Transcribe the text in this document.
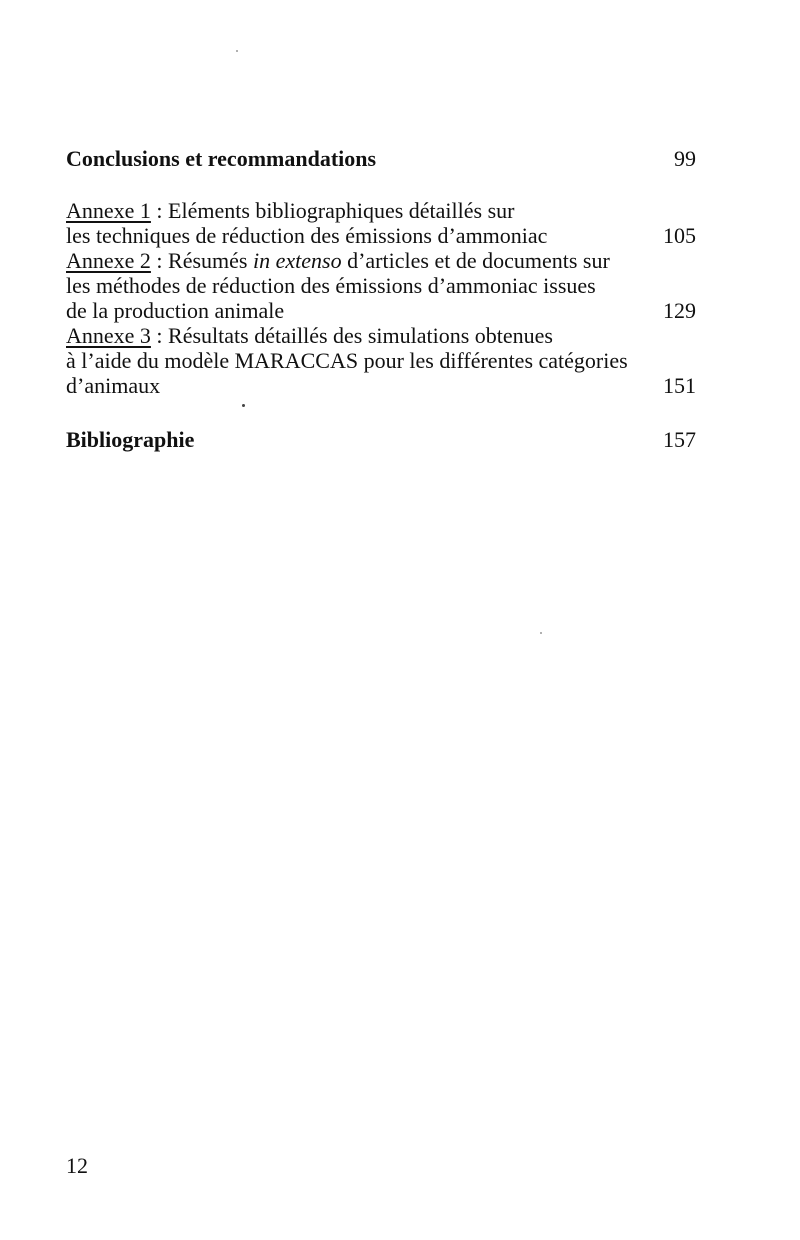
Conclusions et recommandations	99
Annexe 1 : Eléments bibliographiques détaillés sur
les techniques de réduction des émissions d’ammoniac	105
Annexe 2 : Résumés in extenso d’articles et de documents sur
les méthodes de réduction des émissions d’ammoniac issues
de la production animale	129
Annexe 3 : Résultats détaillés des simulations obtenues
à l’aide du modèle MARACCAS pour les différentes catégories
d’animaux	151
Bibliographie	157
12
